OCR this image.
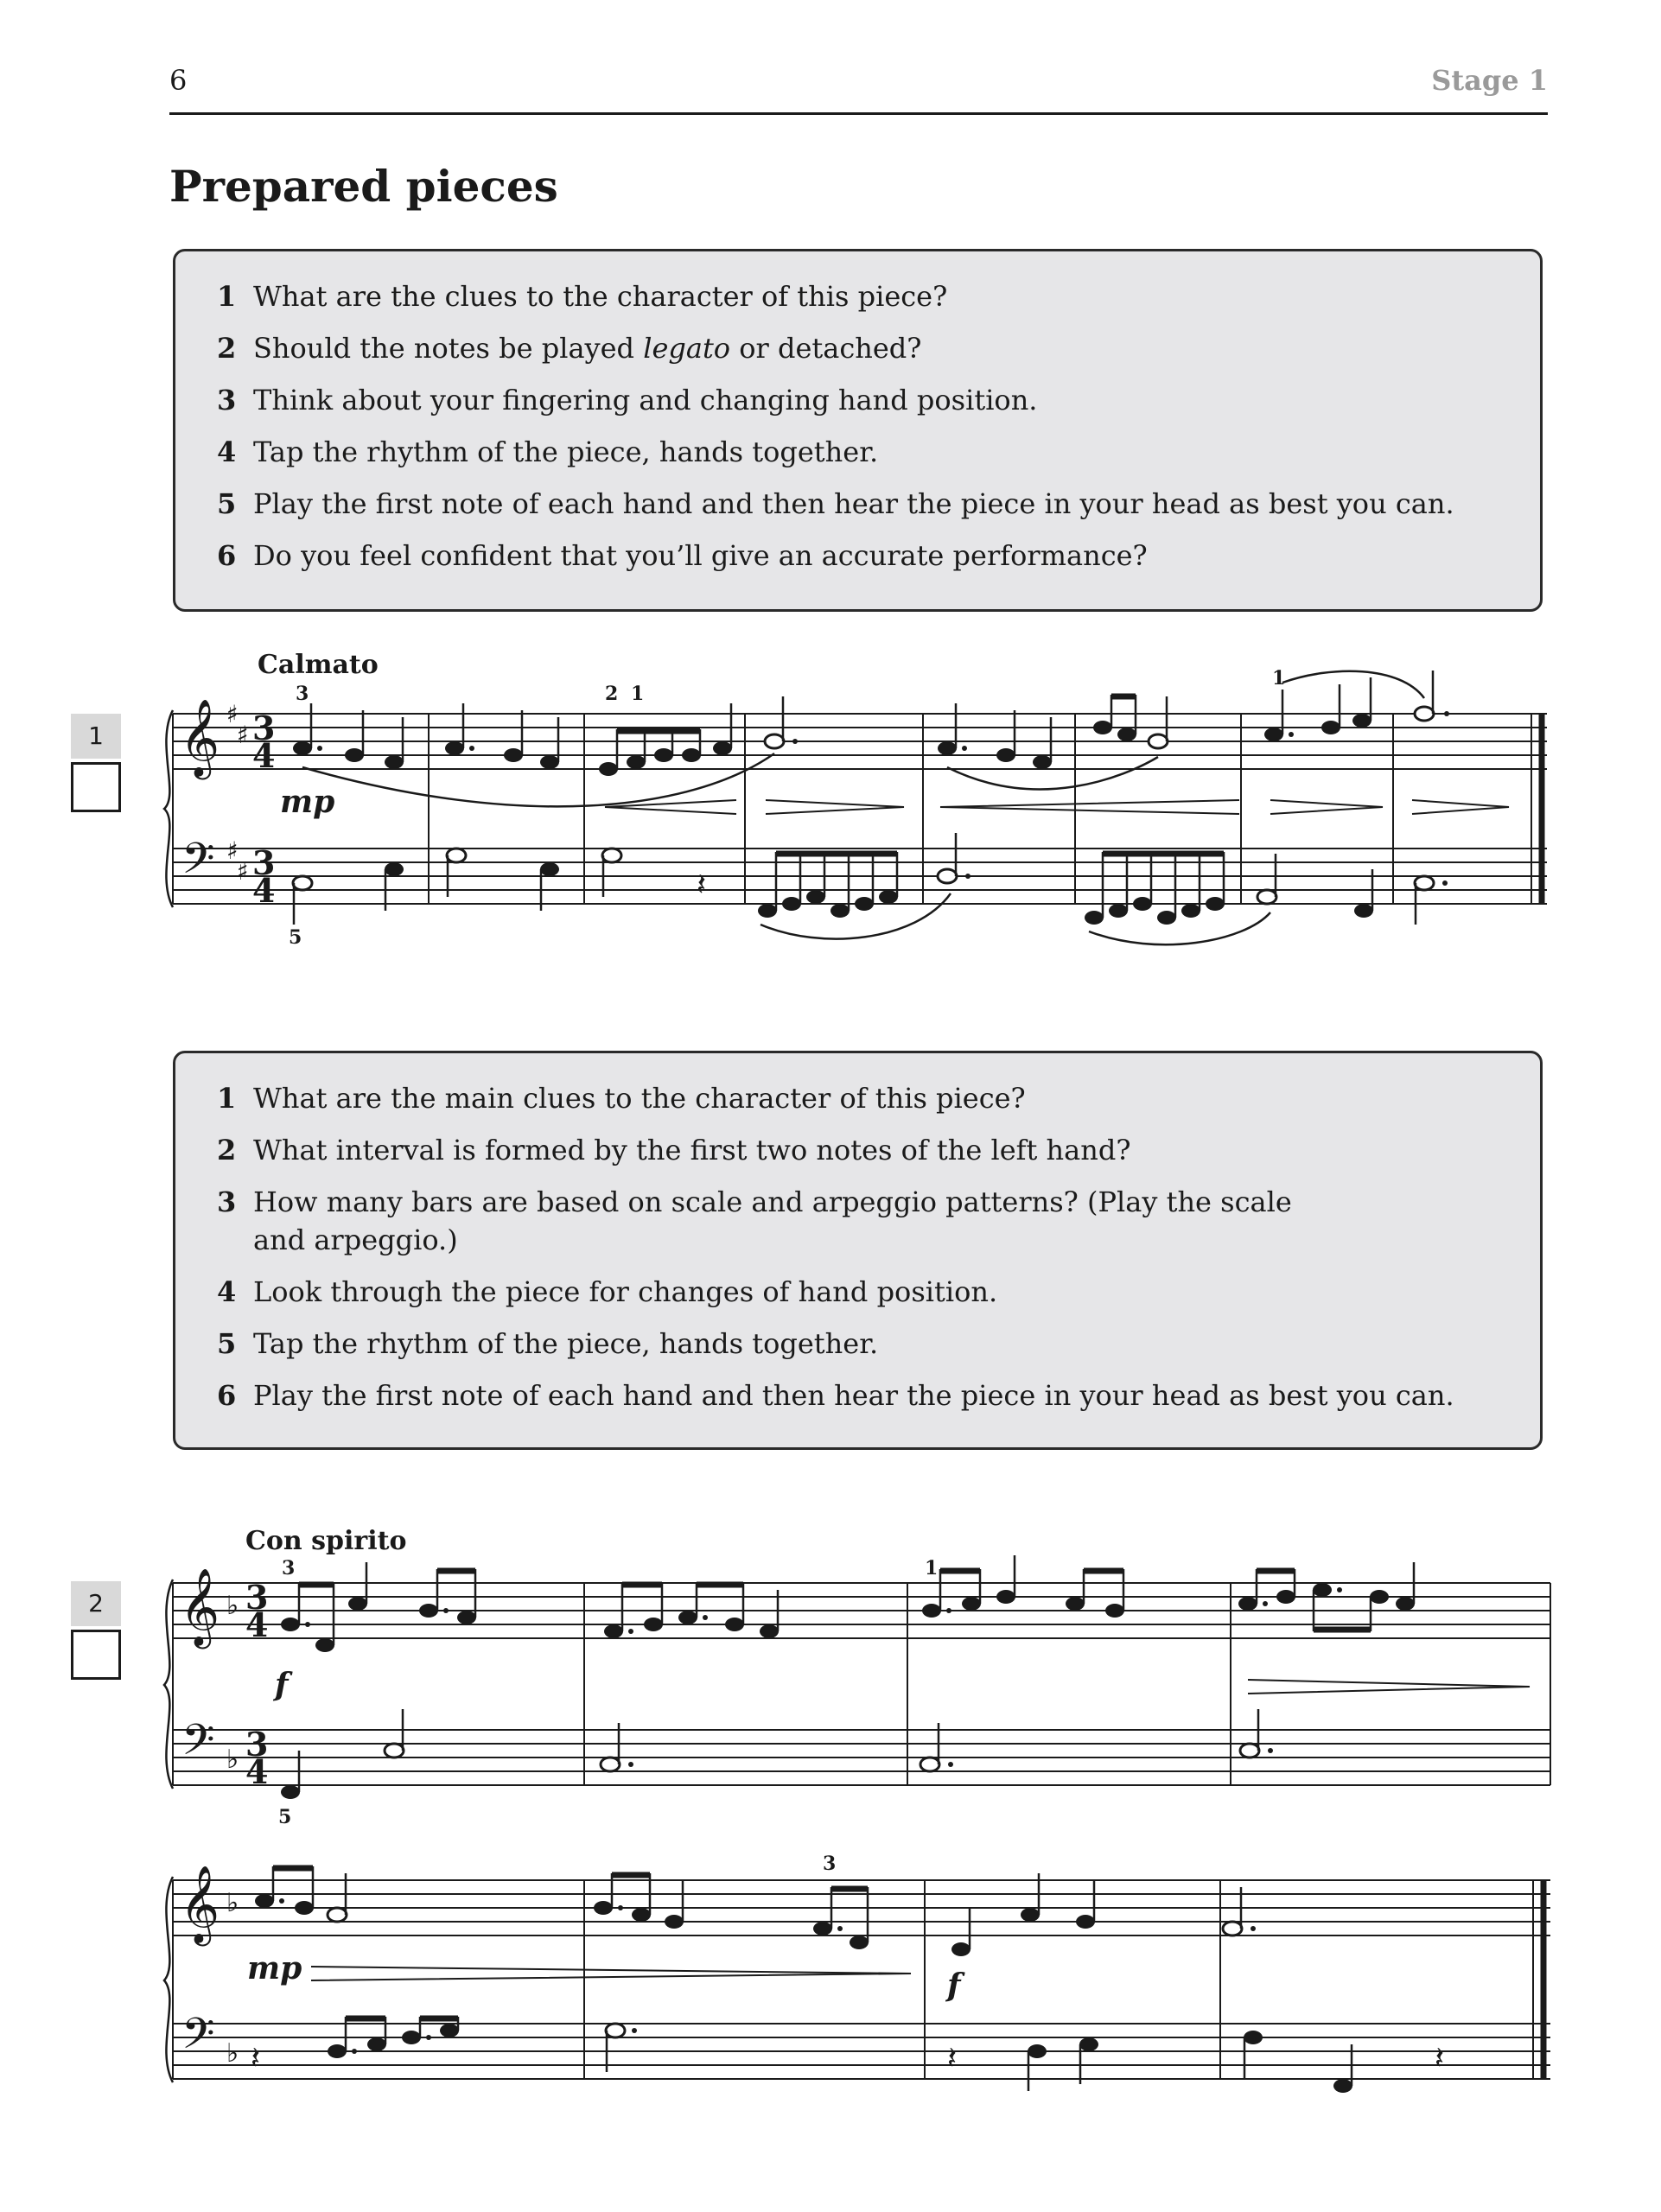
6	Stage 1
Prepared pieces
1 What are the clues to the character of this piece?
2 Should the notes be played legato or detached?
3 Think about your fingering and changing hand position.
4 Tap the rhythm of the piece, hands together.
5 Play the first note of each hand and then hear the piece in your head as best you can.
6 Do you feel confident that you’ll give an accurate performance?
1
Calmato
1 What are the main clues to the character of this piece?
2 What interval is formed by the first two notes of the left hand?
3 How many bars are based on scale and arpeggio patterns? (Play the scale and arpeggio.)
4 Look through the piece for changes of hand position.
5 Tap the rhythm of the piece, hands together.
6 Play the first note of each hand and then hear the piece in your head as best you can.
2
Con spirito
𝄞
𝄢
♯
♯
♯
♯
3
4
3
4
3	2 1
1
5
mp
𝄽
𝄞
𝄢
♭
♭
3
4
3
4
3	1
5
f
𝄞
𝄢
♭
♭
3
mp	f
𝄽	𝄽	𝄽
